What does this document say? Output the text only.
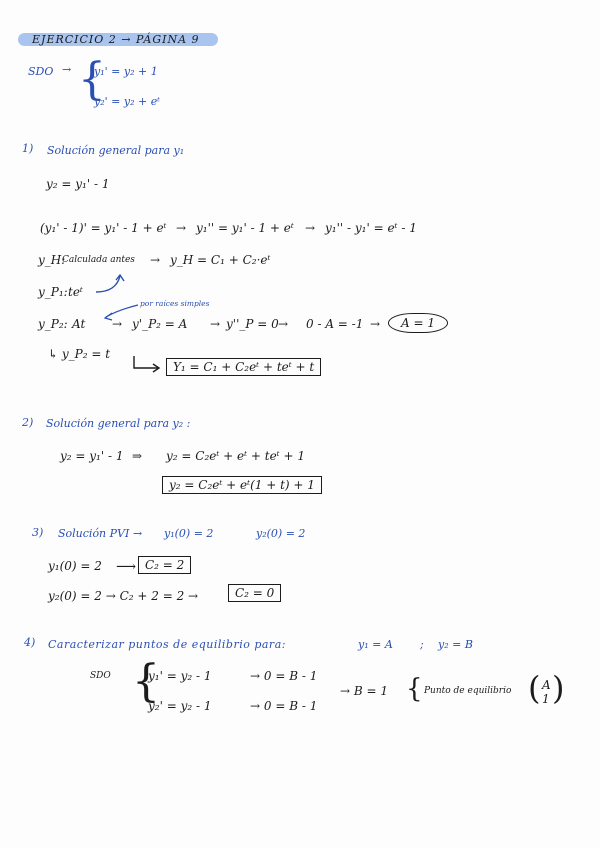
EJERCICIO 2 → PÁGINA 9
SDO → {
y₁' = y₂ + 1
y₂' = y₂ + eᵗ
1) Solución general para y₁
y₂ = y₁' - 1
(y₁' - 1)' = y₁' - 1 + eᵗ → y₁'' = y₁' - 1 + eᵗ → y₁'' - y₁' = eᵗ - 1
y_H:
Calculada antes → y_H = C₁ + C₂·eᵗ
y_P₁: teᵗ
por raíces simples
y_P₂: At → y'_P₂ = A → y''_P = 0 → 0 - A = -1 →	A = 1
↳ y_P₂ = t
Y₁ = C₁ + C₂eᵗ + teᵗ + t
2) Solución general para y₂ :
y₂ = y₁' - 1 ⇒ y₂ = C₂eᵗ + eᵗ + teᵗ + 1
y₂ = C₂eᵗ + eᵗ(1 + t) + 1
3) Solución PVI → y₁(0) = 2	y₂(0) = 2
y₁(0) = 2 ⟶ C₂ = 2
y₂(0) = 2 → C₂ + 2 = 2 →	C₂ = 0
4) Caracterizar puntos de equilibrio para:	y₁ = A ; y₂ = B
SDO {
y₁' = y₂ - 1
y₂' = y₂ - 1
→ 0 = B - 1
→ 0 = B - 1
→ B = 1 { Punto de equilibrio ( A
1 )
